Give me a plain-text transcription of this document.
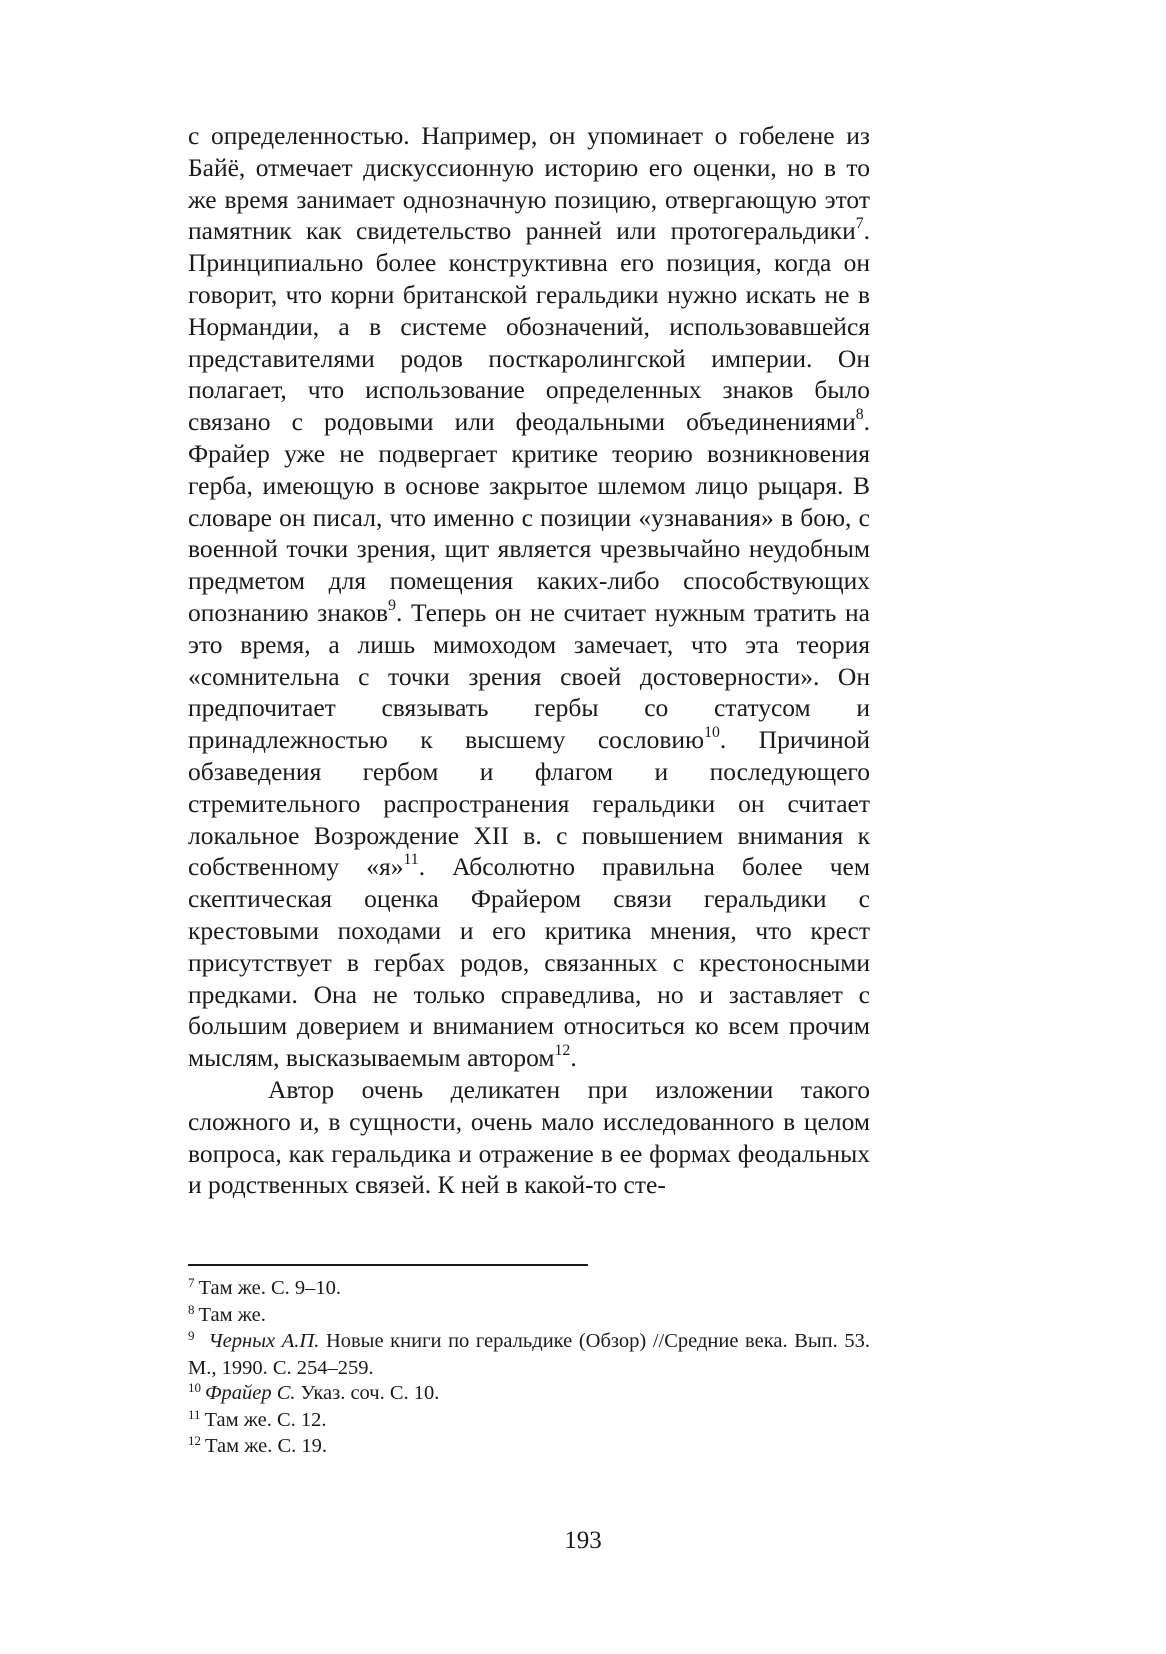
с определенностью. Например, он упоминает о гобелене из Байё, отмечает дискуссионную историю его оценки, но в то же время занимает однозначную позицию, отвергающую этот памятник как свидетельство ранней или протогеральдики$^7$. Принципиально более конструктивна его позиция, когда он говорит, что корни британской геральдики нужно искать не в Нормандии, а в системе обозначений, использовавшейся представителями родов посткаролингской империи. Он полагает, что использование определенных знаков было связано с родовыми или феодальными объединениями$^8$. Фрайер уже не подвергает критике теорию возникновения герба, имеющую в основе закрытое шлемом лицо рыцаря. В словаре он писал, что именно с позиции «узнавания» в бою, с военной точки зрения, щит является чрезвычайно неудобным предметом для помещения каких-либо способствующих опознанию знаков$^9$. Теперь он не считает нужным тратить на это время, а лишь мимоходом замечает, что эта теория «сомнительна с точки зрения своей достоверности». Он предпочитает связывать гербы со статусом и принадлежностью к высшему сословию$^{10}$. Причиной обзаведения гербом и флагом и последующего стремительного распространения геральдики он считает локальное Возрождение XII в. с повышением внимания к собственному «я»$^{11}$. Абсолютно правильна более чем скептическая оценка Фрайером связи геральдики с крестовыми походами и его критика мнения, что крест присутствует в гербах родов, связанных с крестоносными предками. Она не только справедлива, но и заставляет с большим доверием и вниманием относиться ко всем прочим мыслям, высказываемым автором$^{12}$.

Автор очень деликатен при изложении такого сложного и, в сущности, очень мало исследованного в целом вопроса, как геральдика и отражение в ее формах феодальных и родственных связей. К ней в какой-то сте-

$^7$ Там же. С. 9–10.

$^8$ Там же.

$^9$ Черных А.П. Новые книги по геральдике (Обзор) //Средние века. Вып. 53. М., 1990. С. 254–259.

$^{10}$ Фрайер С. Указ. соч. С. 10.

$^{11}$ Там же. С. 12.

$^{12}$ Там же. С. 19.

193
